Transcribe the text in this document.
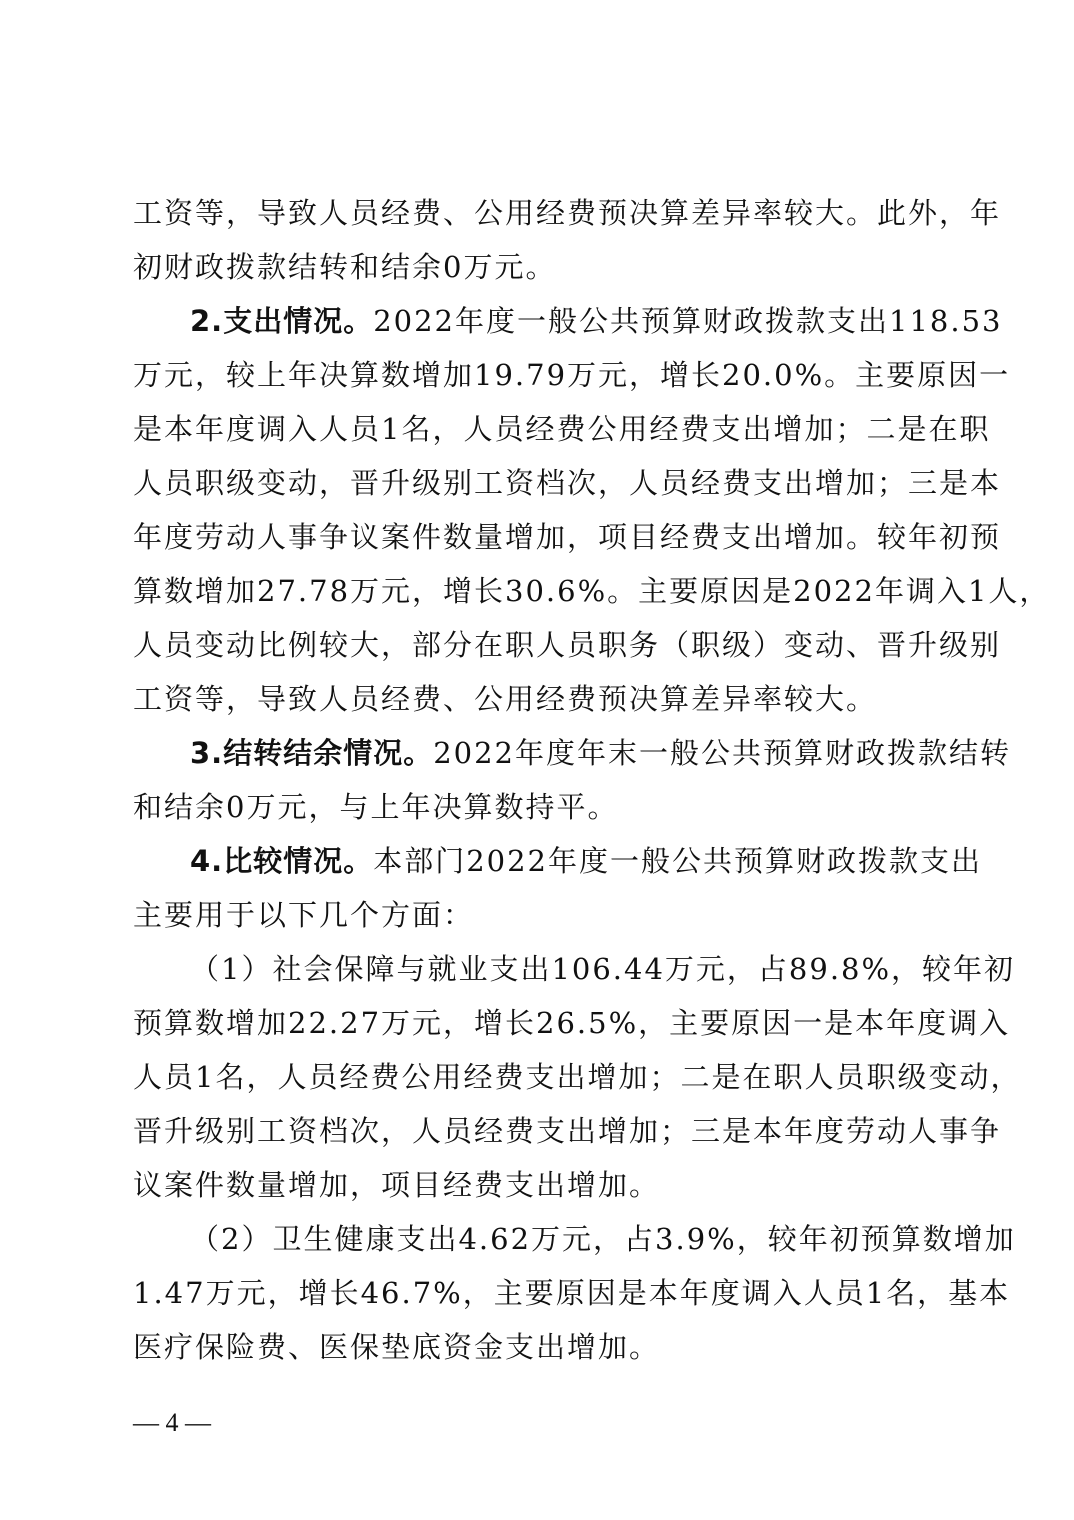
工资等，导致人员经费、公用经费预决算差异率较大。此外，年
初财政拨款结转和结余0万元。
2.支出情况。2022年度一般公共预算财政拨款支出118.53
万元，较上年决算数增加19.79万元，增长20.0%。主要原因一
是本年度调入人员1名，人员经费公用经费支出增加；二是在职
人员职级变动，晋升级别工资档次，人员经费支出增加；三是本
年度劳动人事争议案件数量增加，项目经费支出增加。较年初预
算数增加27.78万元，增长30.6%。主要原因是2022年调入1人，
人员变动比例较大，部分在职人员职务（职级）变动、晋升级别
工资等，导致人员经费、公用经费预决算差异率较大。
3.结转结余情况。2022年度年末一般公共预算财政拨款结转
和结余0万元，与上年决算数持平。
4.比较情况。本部门2022年度一般公共预算财政拨款支出
主要用于以下几个方面：
（1）社会保障与就业支出106.44万元，占89.8%，较年初
预算数增加22.27万元，增长26.5%，主要原因一是本年度调入
人员1名，人员经费公用经费支出增加；二是在职人员职级变动，
晋升级别工资档次，人员经费支出增加；三是本年度劳动人事争
议案件数量增加，项目经费支出增加。
（2）卫生健康支出4.62万元，占3.9%，较年初预算数增加
1.47万元，增长46.7%，主要原因是本年度调入人员1名，基本
医疗保险费、医保垫底资金支出增加。
— 4 —
